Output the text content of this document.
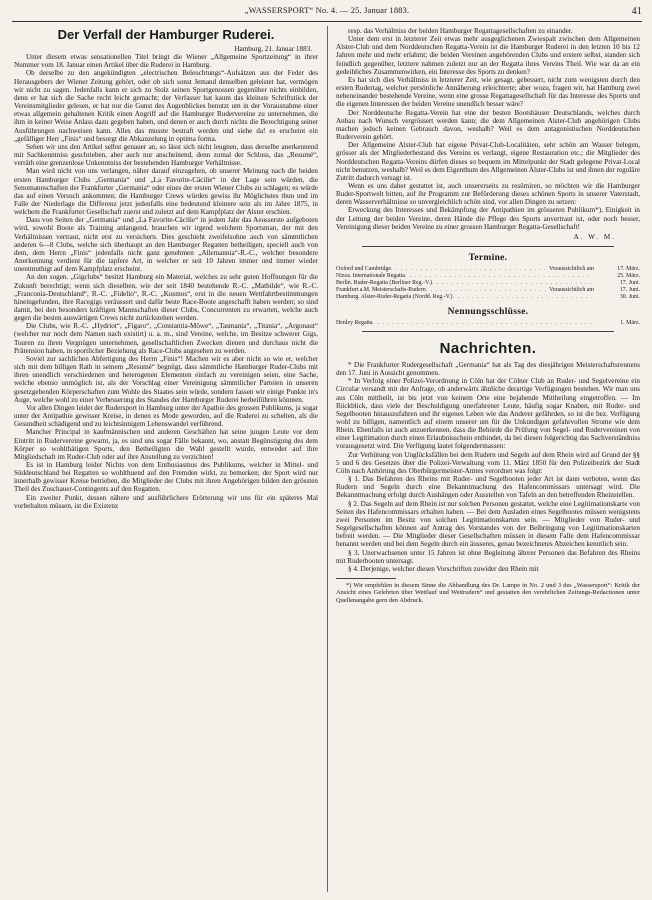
„WASSERSPORT“ No. 4. — 25. Januar 1883.	41
Der Verfall der Hamburger Ruderei.
Hamburg, 21. Januar 1883.

Unter diesem etwas sensationellen Titel bringt die Wiener „Allgemeine Sportzeitung“ in ihrer Nummer vom 18. Januar einen Artikel über die Ruderei in Hamburg.

Ob derselbe zu den angekündigten „electrischen Beleuchtungs“-Aufsätzen aus der Feder des Herausgebers der Wiener Zeitung gehört, oder ob sich sonst Jemand denselben geleistet hat, vermögen wir nicht zu sagen. Jedenfalls kann er sich zu Stolz seinen Sportgenossen gegenüber nichts einbilden, denn er hat sich die Sache recht leicht gemacht; der Verfasser hat kaum das kleinste Schriftstück der Vereinsmitglieder gelesen, er hat nur die Gunst des Augenblickes benutzt um in der Vorausnahme einer etwas allgemein gehaltenen Kritik einen Angriff auf die Hamburger Rudervereine zu unternehmen, die ihm in keiner Weise Anlass dazu gegeben haben, und denen er auch durch nichts die Berechtigung seiner Ausführungen nachweisen kann. Alles das musste bestraft werden und siehe da! es erscheint ein „gefälliger Herr „Finis“ und besorgt die Abkanzelung in optima forma.

Sehen wir uns den Artikel selbst genauer an, so lässt sich nicht leugnen, dass derselbe anerkennend mit Sachkenntniss geschrieben, aber auch nur anscheinend, denn zumal der Schluss, das „Resumé“, verräth eine grenzenlose Unkenntniss der bestehenden Hamburger Verhältnisse.

Man wird nicht von uns verlangen, näher darauf einzugehen, ob unserer Meinung nach die beiden ersten Hamburger Clubs „Germania“ und „La Favorite-Cäcilie“ in der Lage sein würden, die Senomannschaften der Frankfurter „Germania“ oder eines der ersten Wiener Clubs zu schlagen; es würde das auf einen Versuch ankommen; die Hamburger Crews würden gewiss ihr Möglichstes thun und im Falle der Niederlage die Differenz jetzt jedenfalls eine bedeutend kleinere sein als im Jahre 1875, in welchem die Frankfurter Gesellschaft zuerst und zuletzt auf dem Kampfplatz der Alster erschien.

Dass von Seiten der „Germania“ und „La Favorite-Cäcilie“ in jedem Jahr das Aeusserste aufgeboten wird, sowohl Boote als Training anlangend, brauchen wir irgend welchem Sportsman, der mit den Verhältnissen vertraut, nicht erst zu versichern. Dies geschieht zweifelsohne auch von sämmtlichen anderen 6—8 Clubs, welche sich überhaupt an den Hamburger Regatten betheiligen, speciell auch von dem, dem Herrn „Finis“ jedenfalls nicht ganz genehmen „Allemannia“-R.-C., welcher besondere Anerkennung verdient für die tapfere Art, in welcher er seit 10 Jahren immer und immer wieder unentmuthigt auf dem Kampfplatz erscheint.

An den sogen. „Gigclubs“ besitzt Hamburg ein Material, welches zu sehr guten Hoffnungen für die Zukunft berechtigt; wenn sich dieselben, wie der seit 1840 bestehende R.-C. „Mathilde“, wie R.-C. „Franconia-Deutschland“, R.-C. „Fidelio“, R.-C. „Kosmos“, erst in die neuen Wettfahrtbestimmungen hineingefunden, ihre Racegigs veräussert und dafür beste Race-Boote angeschafft haben werden; so sind damit, bei den besonders kräftigen Mannschaften dieser Clubs, Concurrenten zu erwarten, welche auch gegen die besten auswärtigen Crews nicht zurückstehen werden.

Die Clubs, wie R.-C. „Hydriot“, „Figaro“, „Constantia-Möwe“, „Tasmania“, „Titania“, „Argonaut“ (welcher nur noch dem Namen nach existirt) u. a. m., sind Vereine, welche, im Besitze schwerer Gigs, Touren zu ihren Vergnügen unternehmen, gesellschaftlichen Zwecken dienen und durchaus nicht die Prätension haben, in sportlicher Beziehung als Race-Clubs angesehen zu werden.

Soviel zur sachlichen Abfertigung des Herrn „Finis“! Machen wir es aber nicht so wie er, welcher sich mit dem billigen Rath in seinem „Resumé“ begnügt, dass sämmtliche Hamburger Ruder-Clubs mit ihren unendlich verschiedenen und heterogenen Elementen einfach zu vereinigen seien, eine Sache, welche ebenso unmöglich ist, als der Vorschlag einer Vereinigung sämmtlicher Parteien in unseren gesetzgebenden Körperschaften zum Wohle des Staates sein würde, sondern fassen wir einige Punkte in's Auge, welche wohl zu einer Verbesserung des Standes der Hamburger Ruderei herbeiführen könnten.

Vor allen Dingen leidet der Rudersport in Hamburg unter der Apathie des grossen Publikums, ja sogar unter der Antipathie gewisser Kreise, in denen es Mode geworden, auf die Ruderei zu schelten, als die Gesundheit schädigend und zu leichtsinnigem Lebenswandel verführend.

Mancher Principal in kaufmännischen und anderen Geschäften hat seine jungen Leute vor dem Eintritt in Rudervereine gewarnt, ja, es sind uns sogar Fälle bekannt, wo, anstatt Begünstigung des dem Körper so wohlthätigen Sports, den Betheiligten die Wahl gestellt wurde, entweder auf ihre Mitgliedschaft im Ruder-Club oder auf ihre Anstellung zu verzichten!

Es ist in Hamburg leider Nichts von dem Enthusiasmus des Publikums, welcher in Mittel- und Süddeutschland bei Regatten so wohlthuend auf den Fremden wirkt, zu bemerken; der Sport wird nur innerhalb gewisser Kreise betrieben, die Mitglieder der Clubs mit ihren Angehörigen bilden den grössten Theil des Zuschauer-Contingents auf den Regatten.

Ein zweiter Punkt, dessen nähere und ausführlichere Erörterung wir uns für ein späteres Mal vorbehalten müssen, ist die Existenz

resp. das Verhältniss der beiden Hamburger Regattagesellschaften zu einander.

Unter dem erst in letzterer Zeit etwas mehr ausgeglichenen Zwiespalt zwischen dem Allgemeinen Alster-Club und dem Norddeutschen Regatta-Verein ist die Hamburger Ruderei in den letzten 10 bis 12 Jahren mehr und mehr erlahmt; die beiden Vereinen angehörenden Clubs und erstere selbst, standen sich feindlich gegenüber, letztere nahmen zuletzt nur an der Regatta ihres Vereins Theil. Wie war da an ein gedeihliches Zusammenwirken, ein Interesse des Sports zu denken?

Es hat sich dies Verhältniss in letzterer Zeit, wie gesagt, gebessert, nicht zum wenigsten durch den ersten Rudertag, welcher persönliche Annäherung erleichterte; aber wozu, fragen wir, hat Hamburg zwei nebeneinander bestehende Vereine, wenn eine grosse Regattagesellschaft für das Interesse des Sports und die eigenen Interessen der beiden Vereine unendlich besser wäre?

Der Norddeutsche Regatta-Verein hat eine der besten Bootshäuser Deutschlands, welches durch Anbau nach Wunsch vergrössert werden kann; die dem Allgemeinen Alster-Club angehörigen Clubs machen jedoch keinen Gebrauch davon, weshalb? Weil es dem antagonistischen Norddeutschen Ruderverein gehört.

Der Allgemeine Alster-Club hat eigene Privat-Club-Localitäten, sehr schön am Wasser belegen, grösser als der Mitgliederbestand des Vereins es verlangt, eigene Restauration etc.; die Mitglieder des Norddeutschen Regatta-Vereins dürfen dieses so bequem im Mittelpunkt der Stadt gelegene Privat-Local nicht benutzen, weshalb? Weil es dem Eigenthum des Allgemeinen Alster-Clubs ist und ihnen der reguläre Zutritt dadurch versagt ist.

Wenn es uns daher gestattet ist, auch unsererseits zu resümiren, so möchten wir die Hamburger Ruder-Sportwelt bitten, auf ihr Programm zur Beförderung dieses schönen Sports in unserer Vaterstadt, deren Wasserverhältnisse so unvergleichlich schön sind, vor allen Dingen zu setzen:

Erweckung des Interesses und Bekämpfung der Antipathien im grösseren Publikum*), Einigkeit in der Leitung der beiden Vereine, deren Hände die Pflege des Sports anvertraut ist, oder noch besser, Vereinigung dieser beiden Vereine zu einer grossen Hamburger Regatta-Gesellschaft!

A. W. M.
Termine.
Oxford und Cambridge . . .	Voraussichtlich am	17. März.
Nizza. Internationale Regatta . . .	25. März.
Berlin. Ruder-Regatta (Berliner Reg.-V.) . . .	17. Juni.
Frankfurt a.M. Meisterschafts-Rudern . . .	Voraussichtlich am	17. Juni.
Hamburg. Alster-Ruder-Regatta (Nordd. Reg.-V.) . . .	30. Juni.
Nennungsschlüsse.
Henley Regatta . . .	1. März.
Nachrichten.

* Die Frankfurter Rudergesellschaft „Germania“ hat als Tag des diesjährigen Meisterschaftsrennens den 17. Juni in Aussicht genommen.

* In Verfolg einer Polizei-Verordnung in Cöln hat der Cölner Club an Ruder- und Segelvereine ein Circular versandt mit der Anfrage, ob anderwärts ähnliche derartige Verfügungen bestehen. Wir man uns aus Cöln mittheilt, ist bis jetzt von keinem Orte eine bejahende Mittheilung eingetroffen. — Im Rückblick, dass viele der Beschuldigung unerfahrener Leute, häufig sogar Knaben, mit Ruder- und Segelbooten hinauszufahren und ihr eigenes Leben wie das Anderer gefährden, so ist die bez. Verfügung wohl zu billigen, namentlich auf einem unserer um für die Unkundigen gefahrvollen Strome wie dem Rhein. Ebenfalls ist auch anzuerkennen, dass die Behörde die Prüfung von Segel- und Rudervereinen von einer Legitimation durch einen Erlaubnisschein enthindet, da bei diesen folgerichtig das Sachverständniss vorausgesetzt wird. Die Verfügung lautet folgendermassen:

Zur Verhütung von Unglücksfällen bei dem Rudern und Segeln auf dem Rhein wird auf Grund der §§ 5 und 6 des Gesetzes über die Polizei-Verwaltung vom 11. März 1850 für den Polizeibezirk der Stadt Cöln nach Anhörung des Oberbürgermeister-Amtes verordnet was folgt:

§ 1. Das Befahren des Rheins mit Ruder- und Segelbooten jeder Art ist dann verboten, wenn das Rudern und Segeln durch eine Bekanntmachung des Hafencommissars untersagt wird. Die Bekanntmachung erfolgt durch Aushängen oder Ausstellen von Tafeln an den betreffenden Rheinstellen.

§ 2. Das Segeln auf dem Rhein ist nur solchen Personen gestattet, welche eine Legitimationskarte von Seiten des Hafencommissars erhalten haben. — Bei dem Ausladen eines Segelbootes müssen wenigstens zwei Personen im Besitz von solchen Legitimationskarten sein. — Mitglieder von Ruder- und Segelgesellschaften können auf Antrag des Vorstandes von der Beibringung von Legitimationskarten befreit werden. — Die Mitglieder dieser Gesellschaften müssen in diesem Falle dem Hafencommissar benannt werden und bei dem Segeln durch ein äusseres, genau bezeichnetes Abzeichen kenntlich sein.

§ 3. Unerwachsenen unter 15 Jahren ist ohne Begleitung älterer Personen das Befahren des Rheins mit Ruderbooten untersagt.

§ 4. Derjenige, welcher diesen Vorschriften zuwider den Rhein mit

*) Wir empfehlen in diesem Sinne die Abhandlung des Dr. Lampe in No. 2 und 3 des „Wassersport“: Kritik der Ansicht eines Gelehrten über Wettlauf und Wettrudern“ und gestatten den verehrlichen Zeitungs-Redactionen unter Quellenangabe gern den Abdruck.
